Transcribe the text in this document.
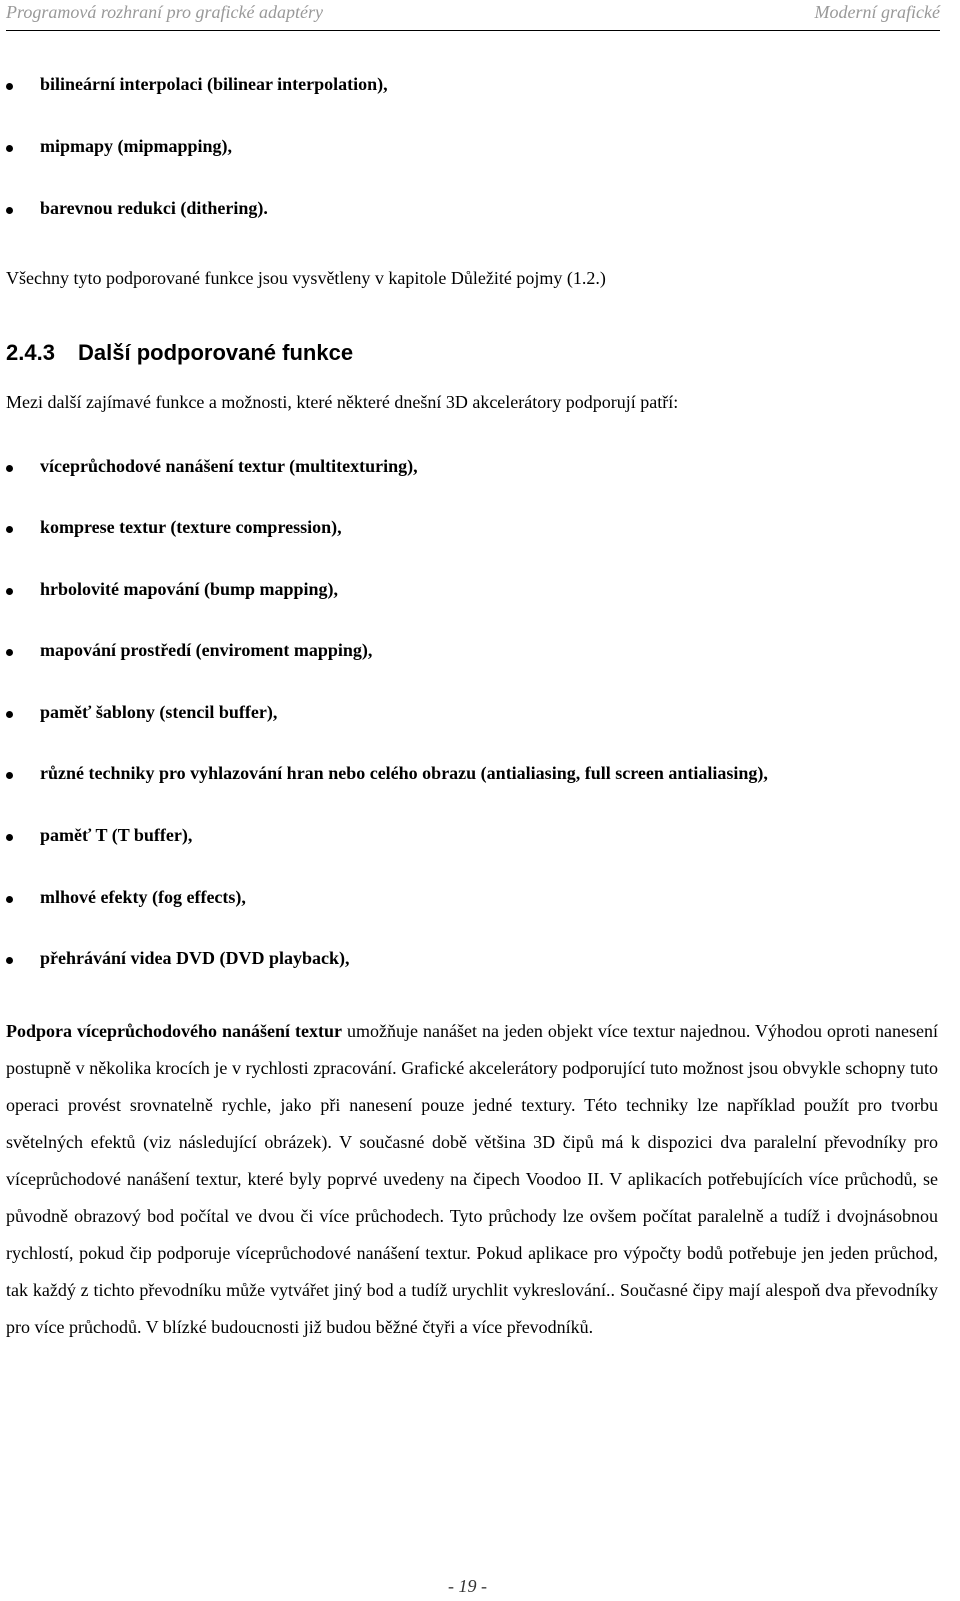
Programová rozhraní pro grafické adaptéry	Moderní grafické
bilineární interpolaci (bilinear interpolation),
mipmapy (mipmapping),
barevnou redukci (dithering).
Všechny tyto podporované funkce jsou vysvětleny v kapitole Důležité pojmy (1.2.)
2.4.3 Další podporované funkce
Mezi další zajímavé funkce a možnosti, které některé dnešní 3D akcelerátory podporují patří:
víceprůchodové nanášení textur (multitexturing),
komprese textur (texture compression),
hrbolovité mapování (bump mapping),
mapování prostředí (enviroment mapping),
paměť šablony (stencil buffer),
různé techniky pro vyhlazování hran nebo celého obrazu (antialiasing, full screen antialiasing),
paměť T (T buffer),
mlhové efekty (fog effects),
přehrávání videa DVD (DVD playback),
Podpora víceprůchodového nanášení textur umožňuje nanášet na jeden objekt více textur najednou. Výhodou oproti nanesení postupně v několika krocích je v rychlosti zpracování. Grafické akcelerátory podporující tuto možnost jsou obvykle schopny tuto operaci provést srovnatelně rychle, jako při nanesení pouze jedné textury. Této techniky lze například použít pro tvorbu světelných efektů (viz následující obrázek). V současné době většina 3D čipů má k dispozici dva paralelní převodníky pro víceprůchodové nanášení textur, které byly poprvé uvedeny na čipech Voodoo II. V aplikacích potřebujících více průchodů, se původně obrazový bod počítal ve dvou či více průchodech. Tyto průchody lze ovšem počítat paralelně a tudíž i dvojnásobnou rychlostí, pokud čip podporuje víceprůchodové nanášení textur. Pokud aplikace pro výpočty bodů potřebuje jen jeden průchod, tak každý z tichto převodníku může vytvářet jiný bod a tudíž urychlit vykreslování.. Současné čipy mají alespoň dva převodníky pro více průchodů. V blízké budoucnosti již budou běžné čtyři a více převodníků.
- 19 -
